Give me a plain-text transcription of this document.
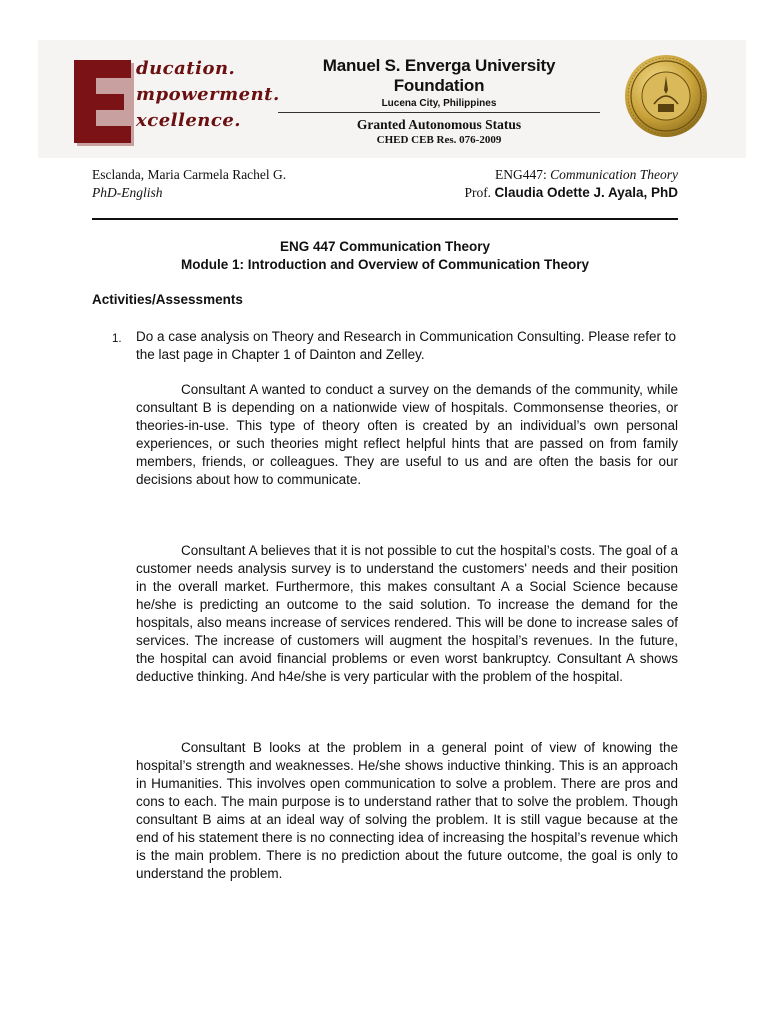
ducation.
mpowerment.
xcellence.
Manuel S. Enverga University Foundation
Lucena City, Philippines
Granted Autonomous Status
CHED CEB Res. 076-2009
Esclanda, Maria Carmela Rachel G.
PhD-English
ENG447: Communication Theory
Prof. Claudia Odette J. Ayala, PhD
ENG 447 Communication Theory
Module 1: Introduction and Overview of Communication Theory
Activities/Assessments
1. Do a case analysis on Theory and Research in Communication Consulting. Please refer to the last page in Chapter 1 of Dainton and Zelley.

Consultant A wanted to conduct a survey on the demands of the community, while consultant B is depending on a nationwide view of hospitals. Commonsense theories, or theories-in-use. This type of theory often is created by an individual’s own personal experiences, or such theories might reflect helpful hints that are passed on from family members, friends, or colleagues. They are useful to us and are often the basis for our decisions about how to communicate.

Consultant A believes that it is not possible to cut the hospital’s costs. The goal of a customer needs analysis survey is to understand the customers' needs and their position in the overall market. Furthermore, this makes consultant A a Social Science because he/she is predicting an outcome to the said solution. To increase the demand for the hospitals, also means increase of services rendered. This will be done to increase sales of services. The increase of customers will augment the hospital’s revenues. In the future, the hospital can avoid financial problems or even worst bankruptcy. Consultant A shows deductive thinking. And h4e/she is very particular with the problem of the hospital.

Consultant B looks at the problem in a general point of view of knowing the hospital’s strength and weaknesses. He/she shows inductive thinking. This is an approach in Humanities. This involves open communication to solve a problem. There are pros and cons to each. The main purpose is to understand rather that to solve the problem. Though consultant B aims at an ideal way of solving the problem. It is still vague because at the end of his statement there is no connecting idea of increasing the hospital’s revenue which is the main problem. There is no prediction about the future outcome, the goal is only to understand the problem.
